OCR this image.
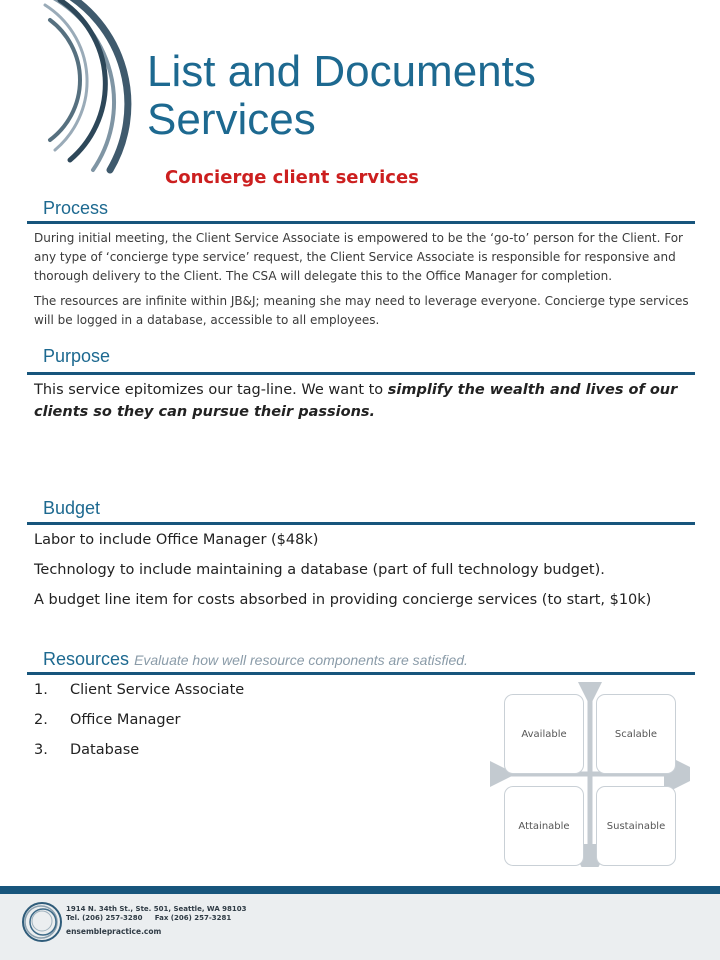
List and Documents Services
Concierge client services
Process

During initial meeting, the Client Service Associate is empowered to be the ‘go-to’ person for the Client. For any type of ‘concierge type service’ request, the Client Service Associate is responsible for responsive and thorough delivery to the Client. The CSA will delegate this to the Office Manager for completion.

The resources are infinite within JB&J; meaning she may need to leverage everyone. Concierge type services will be logged in a database, accessible to all employees.

Purpose
This service epitomizes our tag-line. We want to simplify the wealth and lives of our clients so they can pursue their passions.
Budget

Labor to include Office Manager ($48k)

Technology to include maintaining a database (part of full technology budget).

A budget line item for costs absorbed in providing concierge services (to start, $10k)

Resources Evaluate how well resource components are satisfied.
1. Client Service Associate
2. Office Manager
3. Database
Available	Scalable
Attainable	Sustainable
1914 N. 34th St., Ste. 501, Seattle, WA 98103
Tel. (206) 257-3280     Fax (206) 257-3281
ensemblepractice.com
